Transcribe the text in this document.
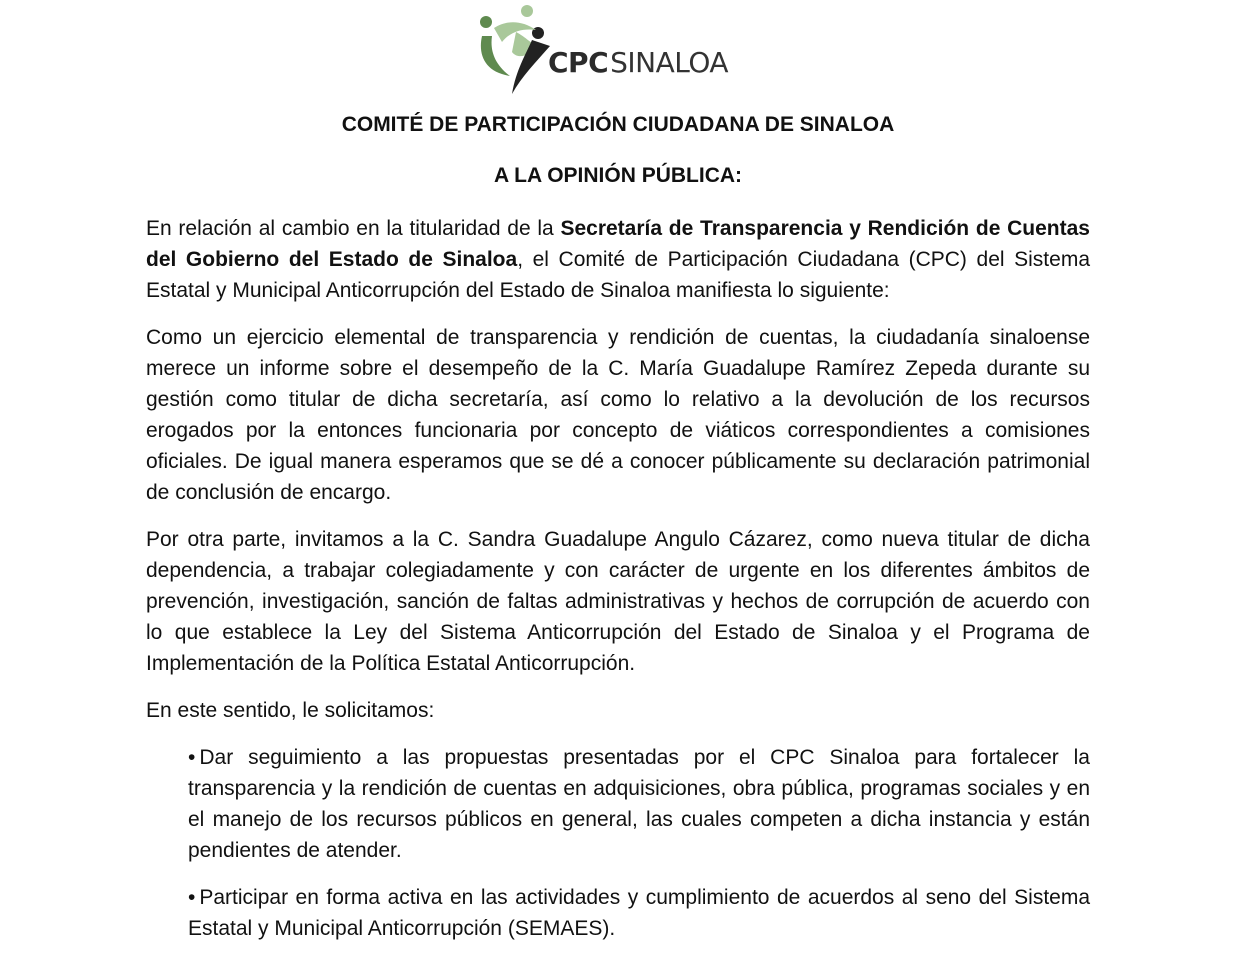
CPCSINALOA
COMITÉ DE PARTICIPACIÓN CIUDADANA DE SINALOA
A LA OPINIÓN PÚBLICA:

En relación al cambio en la titularidad de la Secretaría de Transparencia y Rendición de Cuentas del Gobierno del Estado de Sinaloa, el Comité de Participación Ciudadana (CPC) del Sistema Estatal y Municipal Anticorrupción del Estado de Sinaloa manifiesta lo siguiente:

Como un ejercicio elemental de transparencia y rendición de cuentas, la ciudadanía sinaloense merece un informe sobre el desempeño de la C. María Guadalupe Ramírez Zepeda durante su gestión como titular de dicha secretaría, así como lo relativo a la devolución de los recursos erogados por la entonces funcionaria por concepto de viáticos correspondientes a comisiones oficiales. De igual manera esperamos que se dé a conocer públicamente su declaración patrimonial de conclusión de encargo.

Por otra parte, invitamos a la C. Sandra Guadalupe Angulo Cázarez, como nueva titular de dicha dependencia, a trabajar colegiadamente y con carácter de urgente en los diferentes ámbitos de prevención, investigación, sanción de faltas administrativas y hechos de corrupción de acuerdo con lo que establece la Ley del Sistema Anticorrupción del Estado de Sinaloa y el Programa de Implementación de la Política Estatal Anticorrupción.

En este sentido, le solicitamos:

• Dar seguimiento a las propuestas presentadas por el CPC Sinaloa para fortalecer la transparencia y la rendición de cuentas en adquisiciones, obra pública, programas sociales y en el manejo de los recursos públicos en general, las cuales competen a dicha instancia y están pendientes de atender.
• Participar en forma activa en las actividades y cumplimiento de acuerdos al seno del Sistema Estatal y Municipal Anticorrupción (SEMAES).
